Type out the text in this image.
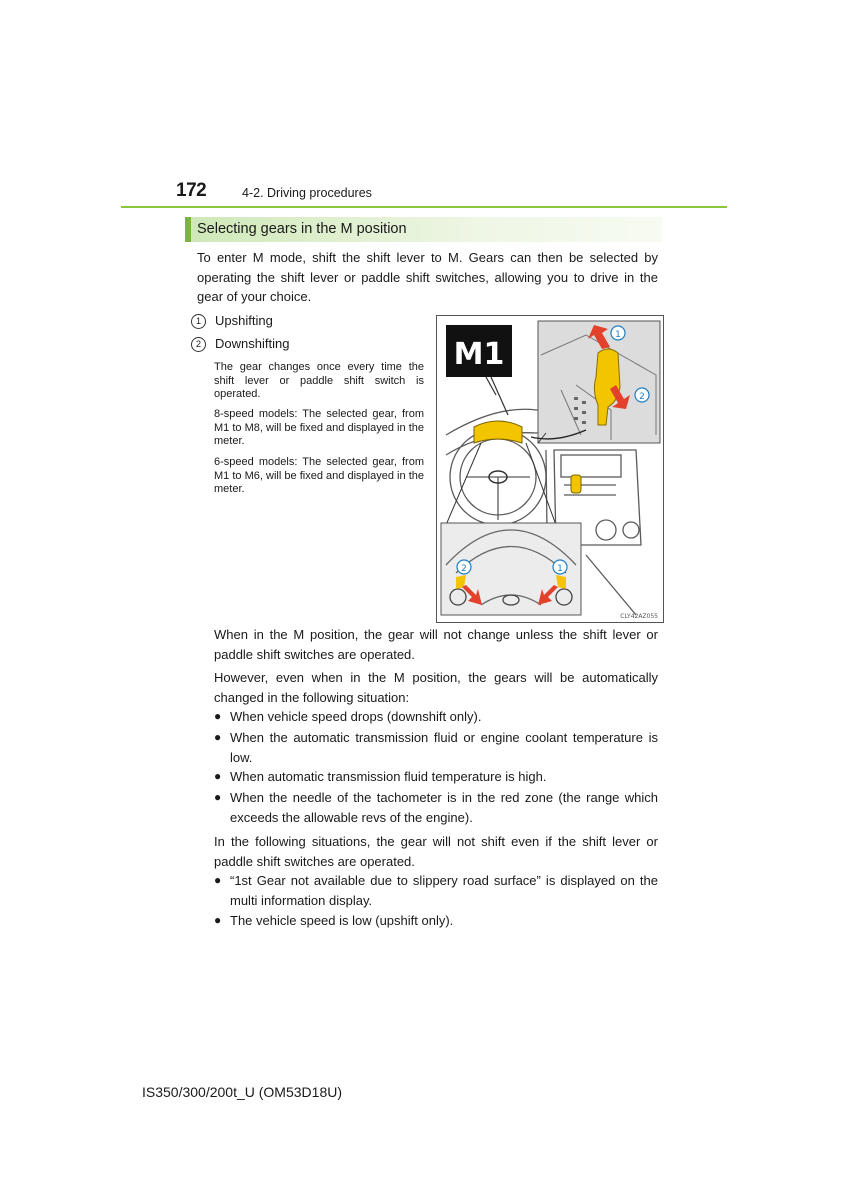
172	4-2. Driving procedures
Selecting gears in the M position
To enter M mode, shift the shift lever to M. Gears can then be selected by operating the shift lever or paddle shift switches, allowing you to drive in the gear of your choice.
1 Upshifting
2 Downshifting
The gear changes once every time the shift lever or paddle shift switch is operated.
8-speed models: The selected gear, from M1 to M8, will be fixed and displayed in the meter.
6-speed models: The selected gear, from M1 to M6, will be fixed and displayed in the meter.
M1
1
2
2	1
CLY42AZ055
When in the M position, the gear will not change unless the shift lever or paddle shift switches are operated.
However, even when in the M position, the gears will be automatically changed in the following situation:
● When vehicle speed drops (downshift only).
● When the automatic transmission fluid or engine coolant temperature is low.
● When automatic transmission fluid temperature is high.
● When the needle of the tachometer is in the red zone (the range which exceeds the allowable revs of the engine).
In the following situations, the gear will not shift even if the shift lever or paddle shift switches are operated.
● “1st Gear not available due to slippery road surface” is displayed on the multi information display.
● The vehicle speed is low (upshift only).
IS350/300/200t_U (OM53D18U)
